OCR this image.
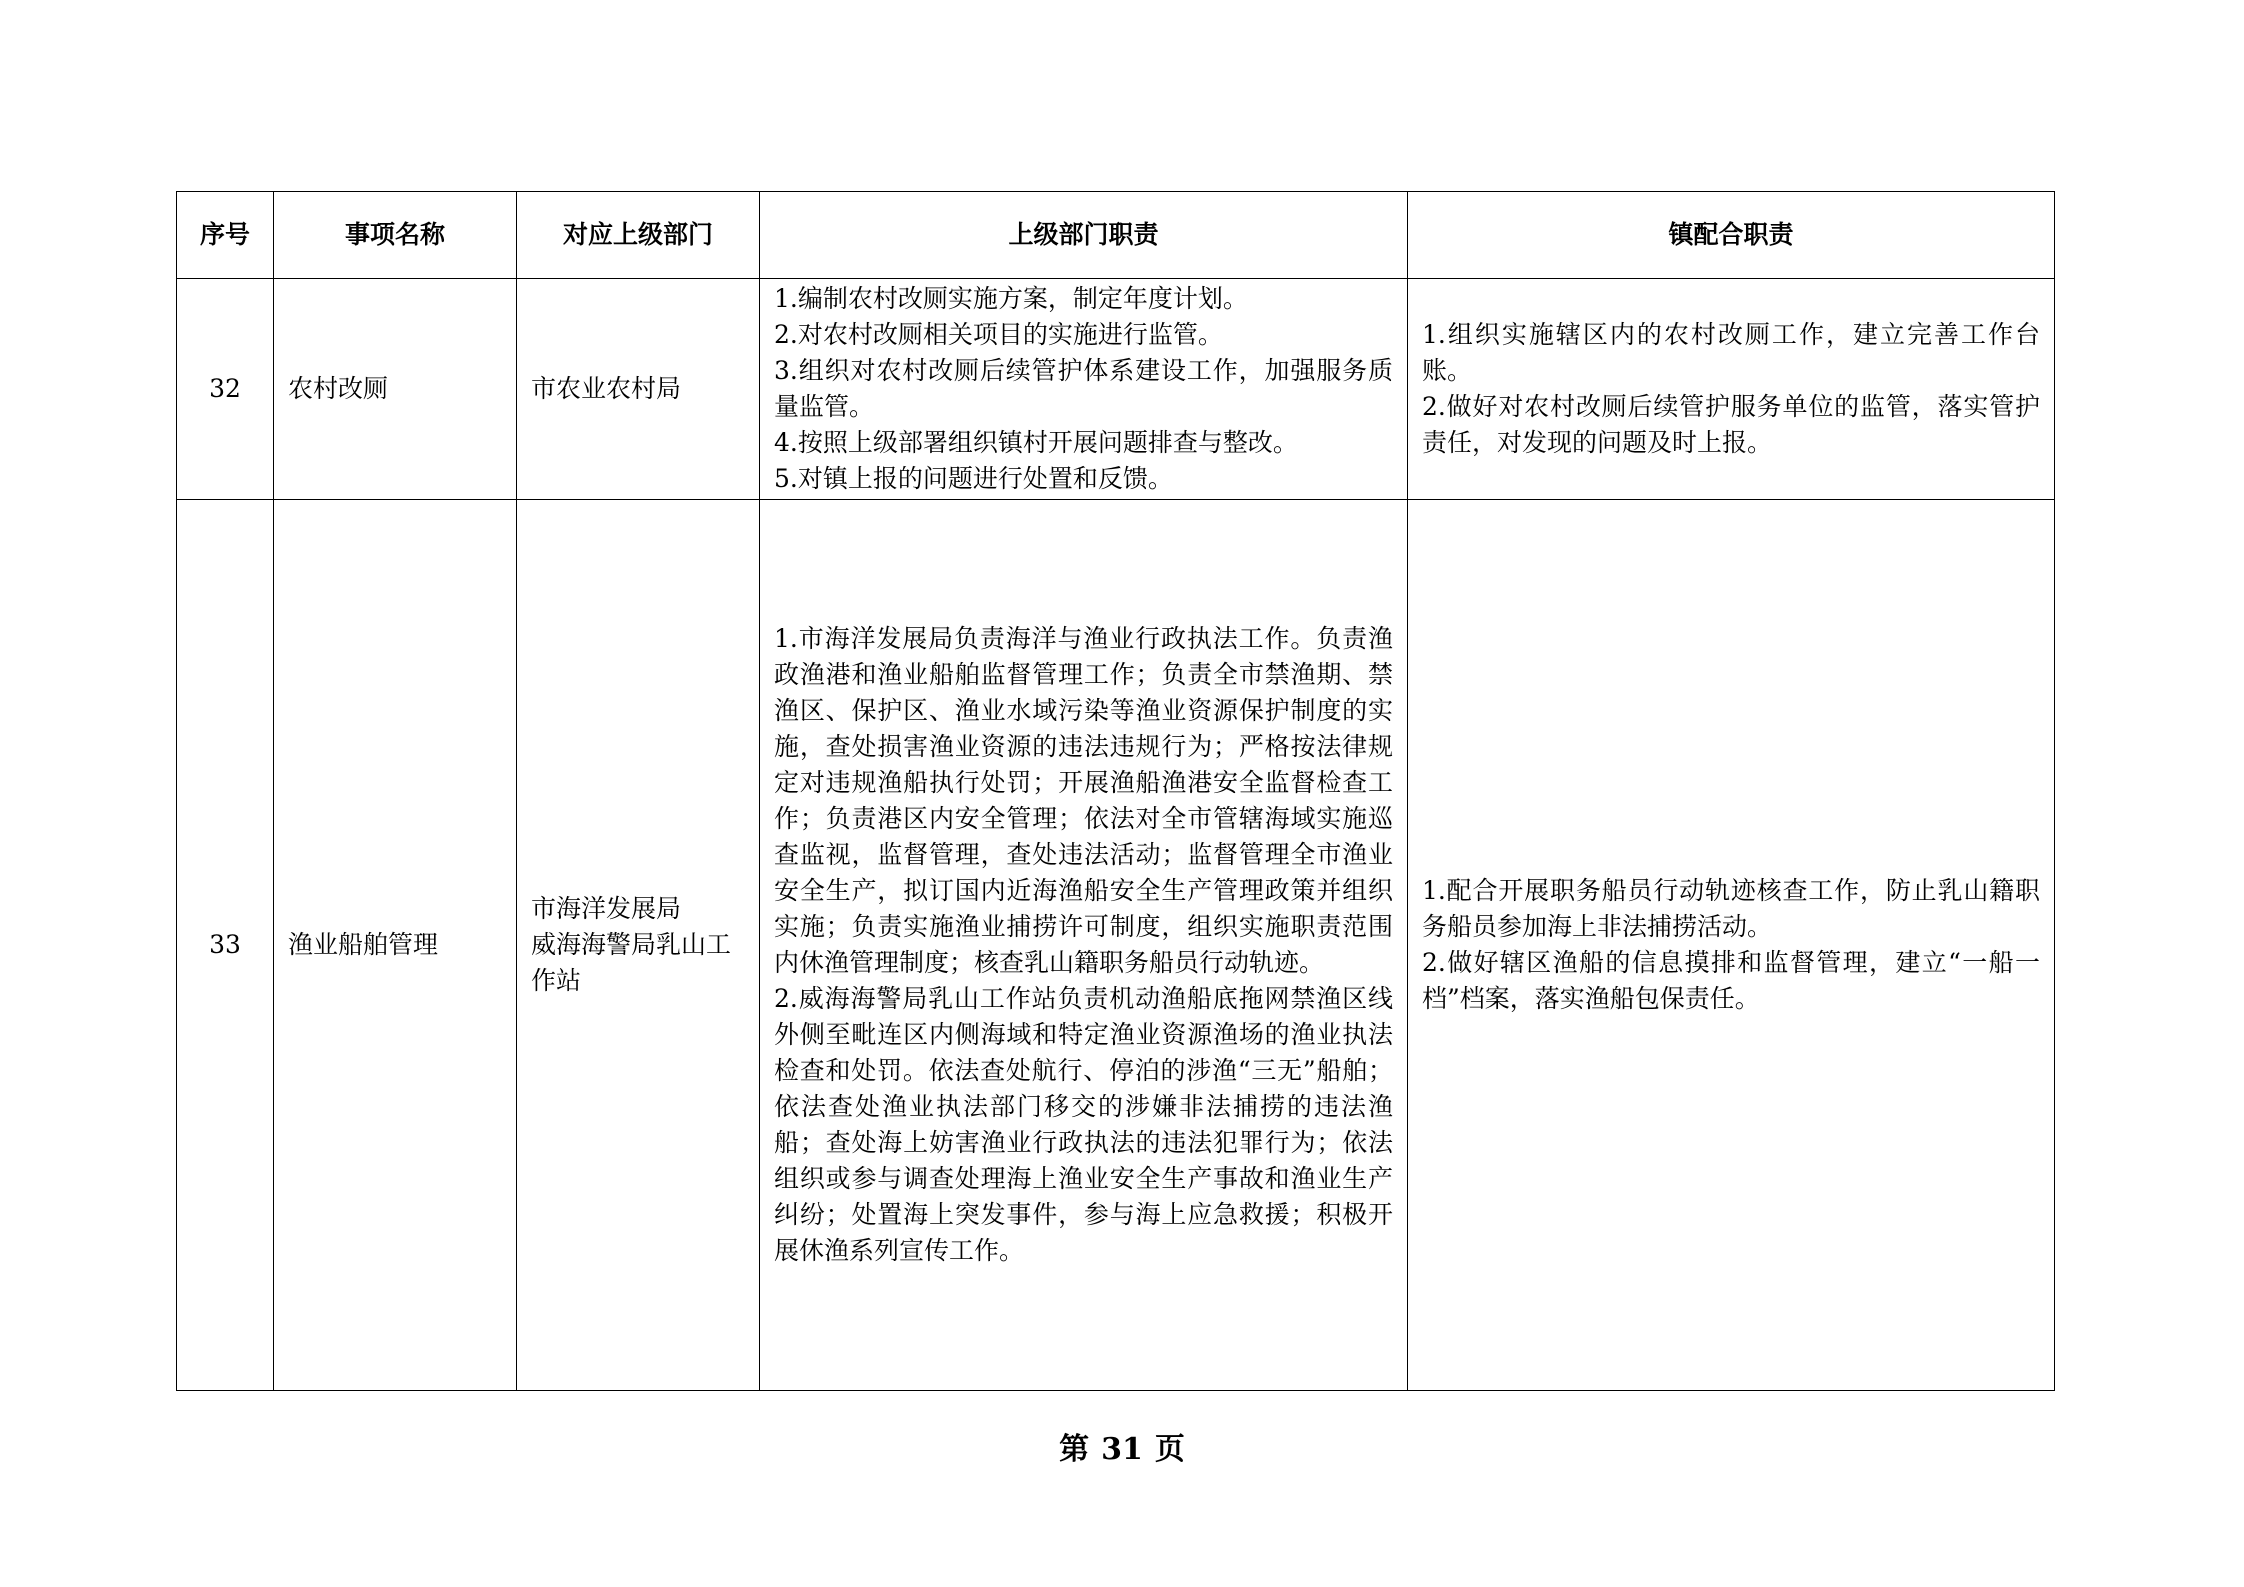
序号	事项名称	对应上级部门	上级部门职责	镇配合职责
32	农村改厕	市农业农村局	1.编制农村改厕实施方案，制定年度计划。
2.对农村改厕相关项目的实施进行监管。
3.组织对农村改厕后续管护体系建设工作，加强服务质量监管。
4.按照上级部署组织镇村开展问题排查与整改。
5.对镇上报的问题进行处置和反馈。	1.组织实施辖区内的农村改厕工作，建立完善工作台账。
2.做好对农村改厕后续管护服务单位的监管，落实管护责任，对发现的问题及时上报。

33	渔业船舶管理	市海洋发展局
威海海警局乳山工作站	1.市海洋发展局负责海洋与渔业行政执法工作。负责渔政渔港和渔业船舶监督管理工作；负责全市禁渔期、禁渔区、保护区、渔业水域污染等渔业资源保护制度的实施，查处损害渔业资源的违法违规行为；严格按法律规定对违规渔船执行处罚；开展渔船渔港安全监督检查工作；负责港区内安全管理；依法对全市管辖海域实施巡查监视，监督管理，查处违法活动；监督管理全市渔业安全生产，拟订国内近海渔船安全生产管理政策并组织实施；负责实施渔业捕捞许可制度，组织实施职责范围内休渔管理制度；核查乳山籍职务船员行动轨迹。
2.威海海警局乳山工作站负责机动渔船底拖网禁渔区线外侧至毗连区内侧海域和特定渔业资源渔场的渔业执法检查和处罚。依法查处航行、停泊的涉渔“三无”船舶；依法查处渔业执法部门移交的涉嫌非法捕捞的违法渔船；查处海上妨害渔业行政执法的违法犯罪行为；依法组织或参与调查处理海上渔业安全生产事故和渔业生产纠纷；处置海上突发事件，参与海上应急救援；积极开展休渔系列宣传工作。	1.配合开展职务船员行动轨迹核查工作，防止乳山籍职务船员参加海上非法捕捞活动。
2.做好辖区渔船的信息摸排和监督管理，建立“一船一档”档案，落实渔船包保责任。
第 31 页
